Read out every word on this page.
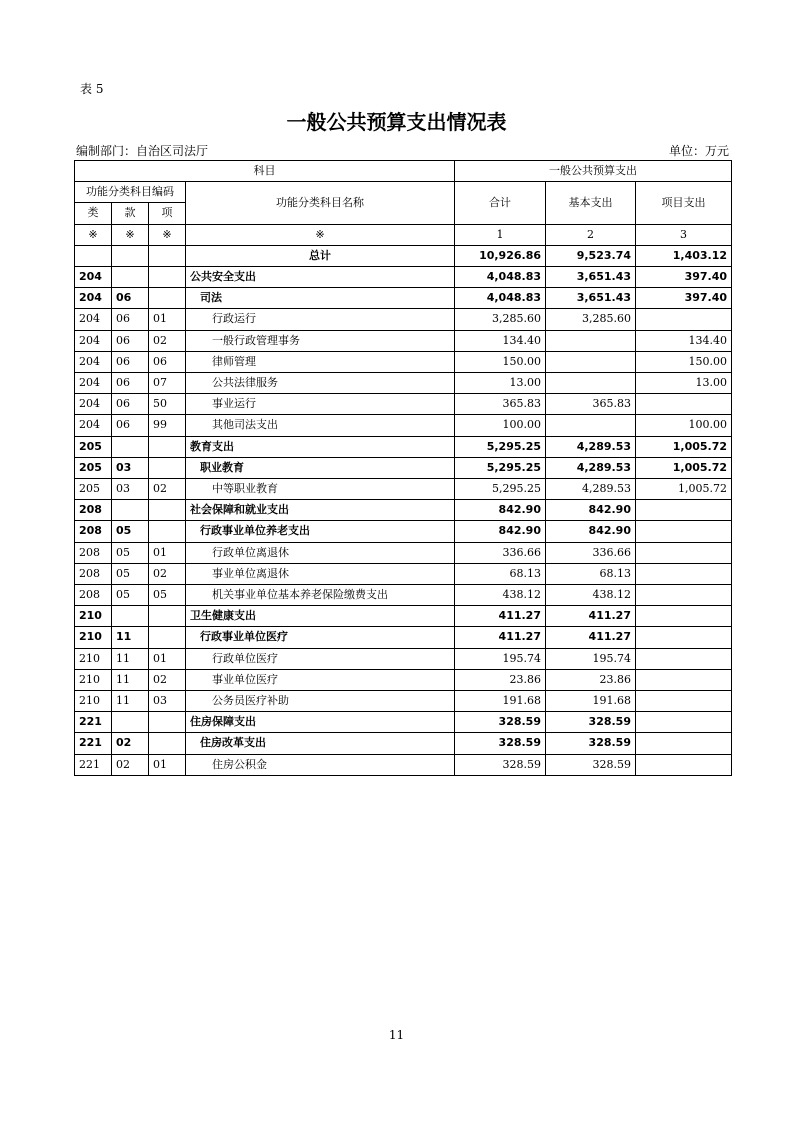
表 5
一般公共预算支出情况表
编制部门：自治区司法厅	单位：万元
科目				一般公共预算支出		
功能分类科目编码			功能分类科目名称	合计	基本支出	项目支出
类	款	项				
※	※	※	※	1	2	3
			总计	10,926.86	9,523.74	1,403.12
204			公共安全支出	4,048.83	3,651.43	397.40
204	06		司法	4,048.83	3,651.43	397.40
204	06	01	行政运行	3,285.60	3,285.60	
204	06	02	一般行政管理事务	134.40		134.40
204	06	06	律师管理	150.00		150.00
204	06	07	公共法律服务	13.00		13.00
204	06	50	事业运行	365.83	365.83	
204	06	99	其他司法支出	100.00		100.00
205			教育支出	5,295.25	4,289.53	1,005.72
205	03		职业教育	5,295.25	4,289.53	1,005.72
205	03	02	中等职业教育	5,295.25	4,289.53	1,005.72
208			社会保障和就业支出	842.90	842.90	
208	05		行政事业单位养老支出	842.90	842.90	
208	05	01	行政单位离退休	336.66	336.66	
208	05	02	事业单位离退休	68.13	68.13	
208	05	05	机关事业单位基本养老保险缴费支出	438.12	438.12	
210			卫生健康支出	411.27	411.27	
210	11		行政事业单位医疗	411.27	411.27	
210	11	01	行政单位医疗	195.74	195.74	
210	11	02	事业单位医疗	23.86	23.86	
210	11	03	公务员医疗补助	191.68	191.68	
221			住房保障支出	328.59	328.59	
221	02		住房改革支出	328.59	328.59	
221	02	01	住房公积金	328.59	328.59	
11
